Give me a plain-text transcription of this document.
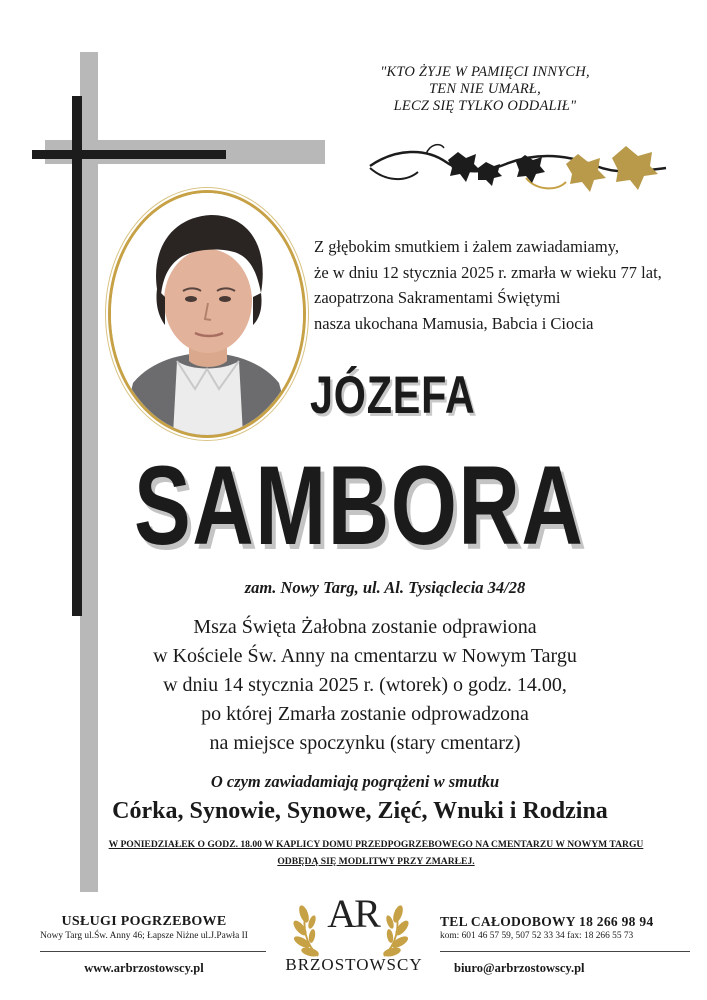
"KTO ŻYJE W PAMIĘCI INNYCH,
TEN NIE UMARŁ,
LECZ SIĘ TYLKO ODDALIŁ"
Z głębokim smutkiem i żalem zawiadamiamy,
że w dniu 12 stycznia 2025 r. zmarła w wieku 77 lat,
zaopatrzona Sakramentami Świętymi
nasza ukochana Mamusia, Babcia i Ciocia
JÓZEFA
SAMBORA
zam. Nowy Targ, ul. Al. Tysiąclecia 34/28
Msza Święta Żałobna zostanie odprawiona
w Kościele Św. Anny na cmentarzu w Nowym Targu
w dniu 14 stycznia 2025 r. (wtorek) o godz. 14.00,
po której Zmarła zostanie odprowadzona
na miejsce spoczynku (stary cmentarz)
O czym zawiadamiają pogrążeni w smutku
Córka, Synowie, Synowe, Zięć, Wnuki i Rodzina
W PONIEDZIAŁEK O GODZ. 18.00 W KAPLICY DOMU PRZEDPOGRZEBOWEGO NA CMENTARZU W NOWYM TARGU
ODBĘDĄ SIĘ MODLITWY PRZY ZMARŁEJ.
USŁUGI POGRZEBOWE
Nowy Targ ul.Św. Anny 46; Łapsze Niżne ul.J.Pawła II
www.arbrzostowscy.pl
AR
BRZOSTOWSCY
TEL CAŁODOBOWY 18 266 98 94
kom: 601 46 57 59, 507 52 33 34 fax: 18 266 55 73
biuro@arbrzostowscy.pl
